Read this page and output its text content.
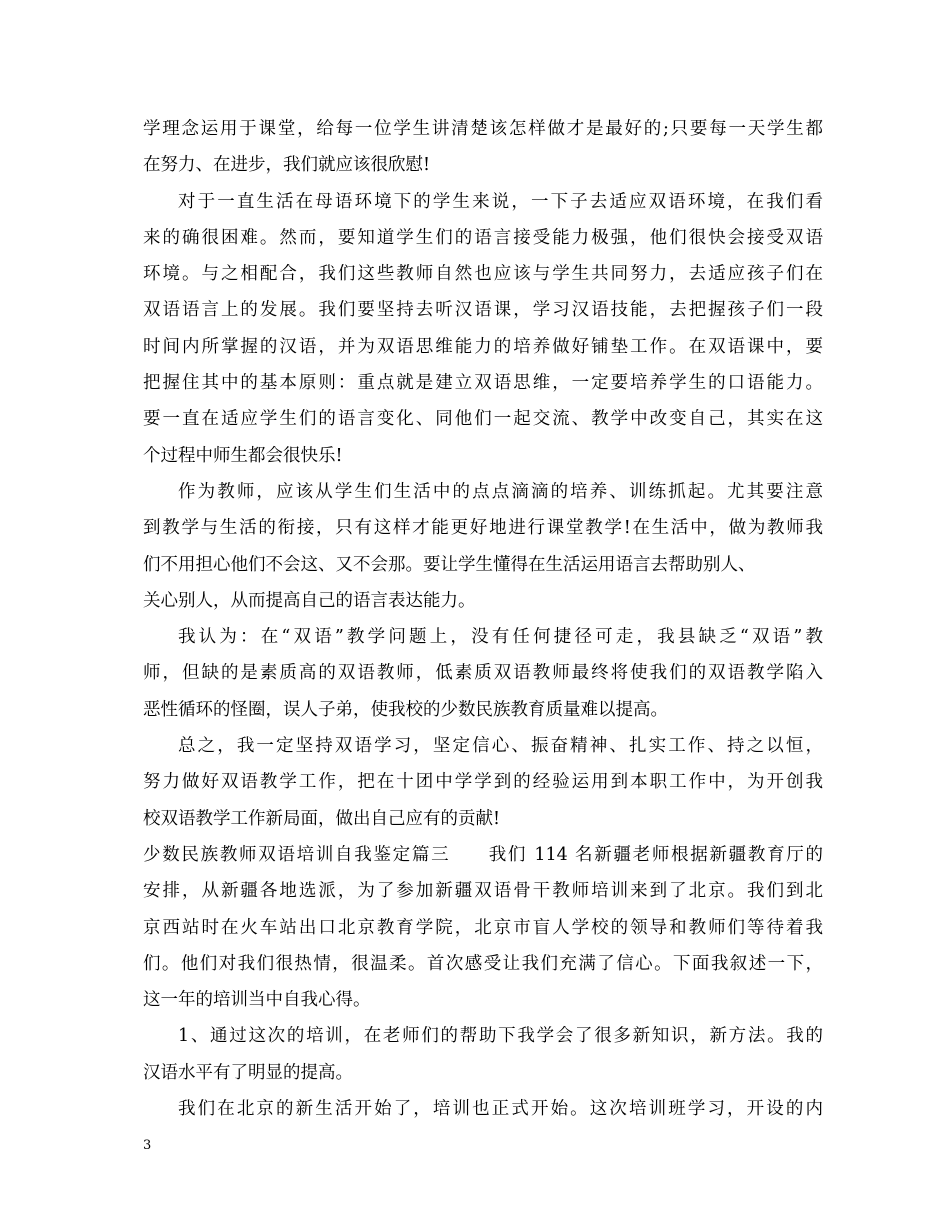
学理念运用于课堂，给每一位学生讲清楚该怎样做才是最好的;只要每一天学生都
在努力、在进步，我们就应该很欣慰!
对于一直生活在母语环境下的学生来说，一下子去适应双语环境，在我们看
来的确很困难。然而，要知道学生们的语言接受能力极强，他们很快会接受双语
环境。与之相配合，我们这些教师自然也应该与学生共同努力，去适应孩子们在
双语语言上的发展。我们要坚持去听汉语课，学习汉语技能，去把握孩子们一段
时间内所掌握的汉语，并为双语思维能力的培养做好铺垫工作。在双语课中，要
把握住其中的基本原则：重点就是建立双语思维，一定要培养学生的口语能力。
要一直在适应学生们的语言变化、同他们一起交流、教学中改变自己，其实在这
个过程中师生都会很快乐!
作为教师，应该从学生们生活中的点点滴滴的培养、训练抓起。尤其要注意
到教学与生活的衔接，只有这样才能更好地进行课堂教学!在生活中，做为教师我
们不用担心他们不会这、又不会那。要让学生懂得在生活运用语言去帮助别人、
关心别人，从而提高自己的语言表达能力。
我认为：在“双语”教学问题上，没有任何捷径可走，我县缺乏“双语”教
师，但缺的是素质高的双语教师，低素质双语教师最终将使我们的双语教学陷入
恶性循环的怪圈，误人子弟，使我校的少数民族教育质量难以提高。
总之，我一定坚持双语学习，坚定信心、振奋精神、扎实工作、持之以恒，
努力做好双语教学工作，把在十团中学学到的经验运用到本职工作中，为开创我
校双语教学工作新局面，做出自己应有的贡献!
少数民族教师双语培训自我鉴定篇三　　我们 114 名新疆老师根据新疆教育厅的
安排，从新疆各地选派，为了参加新疆双语骨干教师培训来到了北京。我们到北
京西站时在火车站出口北京教育学院，北京市盲人学校的领导和教师们等待着我
们。他们对我们很热情，很温柔。首次感受让我们充满了信心。下面我叙述一下，
这一年的培训当中自我心得。
1、通过这次的培训，在老师们的帮助下我学会了很多新知识，新方法。我的
汉语水平有了明显的提高。
我们在北京的新生活开始了，培训也正式开始。这次培训班学习，开设的内
3
